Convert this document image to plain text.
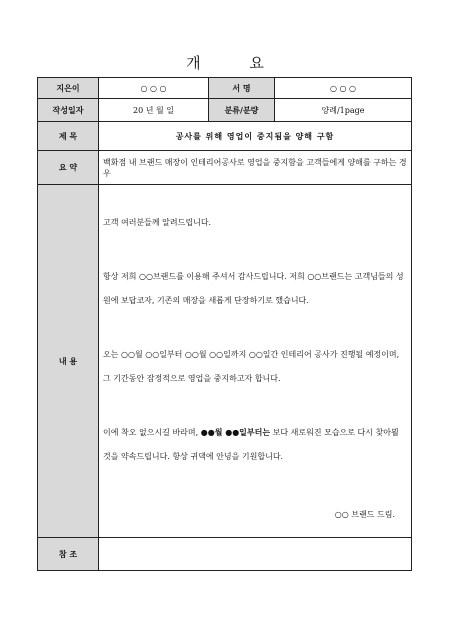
개 요
지은이	○ ○ ○	서 명	○ ○ ○
작성일자	20 년 월 일	분류/분량	양례/1page
제 목	공사를 위해 영업이 중지됨을 양해 구함		
요 약	백화점 내 브랜드 매장이 인테리어공사로 영업을 중지함을 고객들에게 양해를 구하는 경우		
내 용	고객 여러분들께 알려드립니다.

항상 저희 ○○브랜드를 이용해 주셔서 감사드립니다. 저희 ○○브랜드는 고객님들의 성원에 보답코자, 기존의 매장을 새롭게 단장하기로 했습니다.

오는 ○○월 ○○일부터 ○○월 ○○일까지 ○○일간 인테리어 공사가 진행될 예정이며, 그 기간동안 잠정적으로 영업을 중지하고자 합니다.

이에 착오 없으시길 바라며, ●●월 ●●일부터는 보다 새로워진 모습으로 다시 찾아뵐 것을 약속드립니다. 항상 귀댁에 안녕을 기원합니다.

○○ 브랜드 드림.		

참 조			
